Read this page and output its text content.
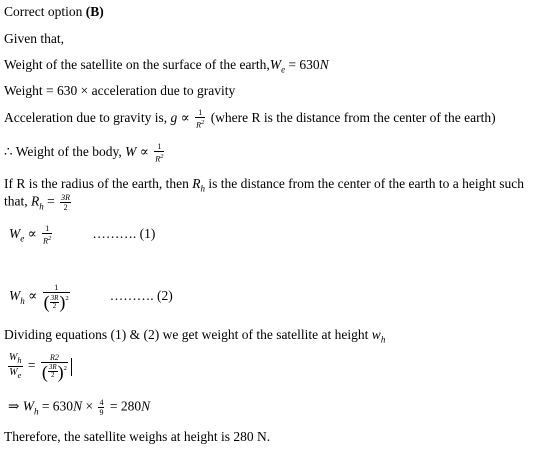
Correct option (B)
Given that,
Weight of the satellite on the surface of the $earth,W_e = 630N$
Weight = 630 × acceleration due to gravity
Acceleration due to gravity is, $g \propto \frac{1}{R^2}$ (where R is the distance from the center of the earth)
∴ Weight of the body, $W \propto \frac{1}{R^2}$
If R is the radius of the earth, then $R_h$ is the distance from the center of the earth to a height such
that, $R_h = \frac{3R}{2}$
$W_e \propto \frac{1}{R^2}$	………. (1)
$W_h \propto \frac{1}{( \frac{3R}{2} )^2}$	………. (2)
Dividing equations (1) & (2) we get weight of the satellite at height $w_h$
$\frac{W_h}{W_e} = \frac{R2}{( \frac{3R}{2} )^2}$
⇒ $W_h = 630N \times \frac{4}{9} = 280N$
Therefore, the satellite weighs at height is 280 N.
